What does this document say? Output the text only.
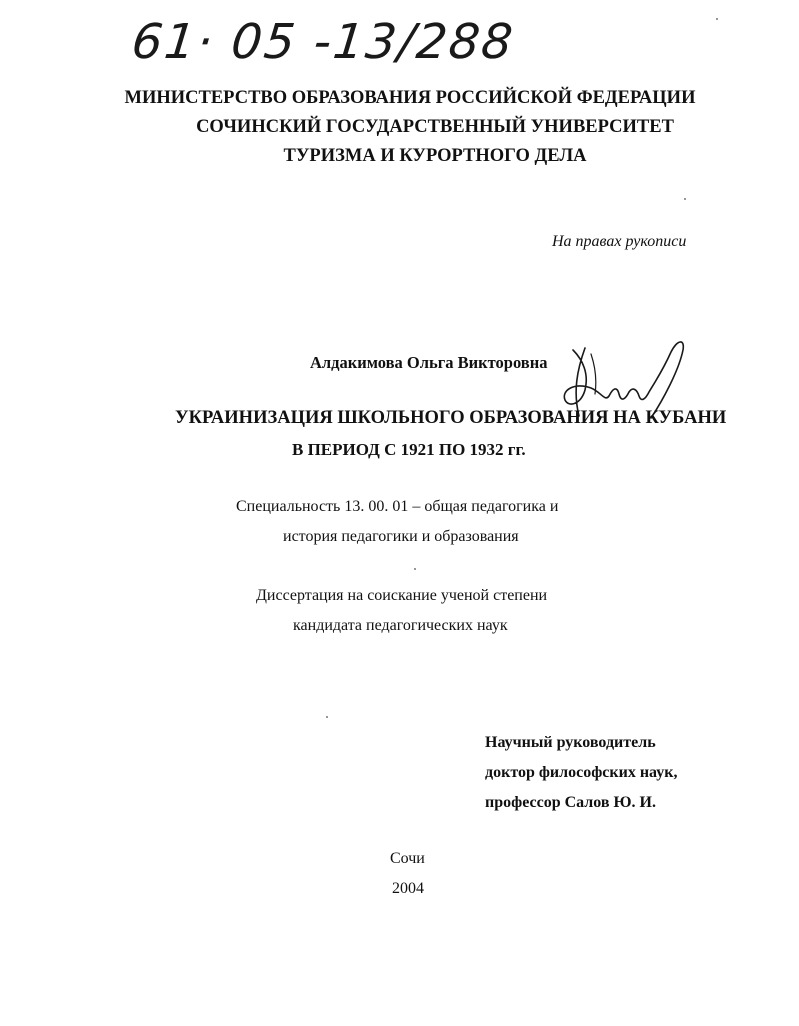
61· 05 -13/288
МИНИСТЕРСТВО ОБРАЗОВАНИЯ РОССИЙСКОЙ ФЕДЕРАЦИИ
СОЧИНСКИЙ ГОСУДАРСТВЕННЫЙ УНИВЕРСИТЕТ
ТУРИЗМА И КУРОРТНОГО ДЕЛА
На правах рукописи
Алдакимова Ольга Викторовна
УКРАИНИЗАЦИЯ ШКОЛЬНОГО ОБРАЗОВАНИЯ НА КУБАНИ
В ПЕРИОД С 1921 ПО 1932 гг.
Специальность 13. 00. 01 – общая педагогика и
история педагогики и образования
Диссертация на соискание ученой степени
кандидата педагогических наук
Научный руководитель
доктор философских наук,
профессор Салов Ю. И.
Сочи
2004
